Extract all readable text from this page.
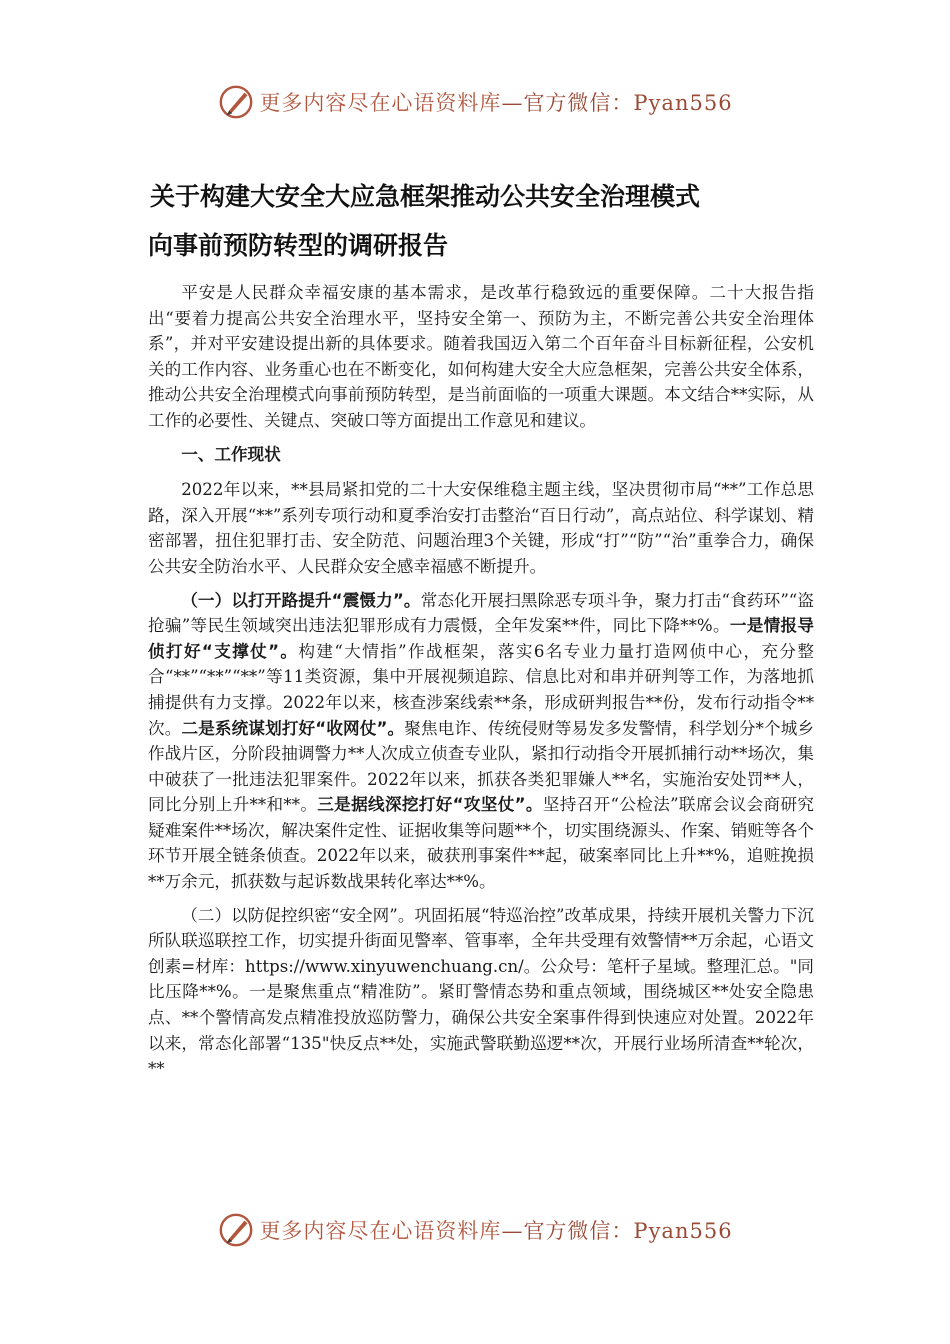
更多内容尽在心语资料库—官方微信：Pyan556
关于构建大安全大应急框架推动公共安全治理模式
向事前预防转型的调研报告

平安是人民群众幸福安康的基本需求，是改革行稳致远的重要保障。二十大报告指出“要着力提高公共安全治理水平，坚持安全第一、预防为主，不断完善公共安全治理体系”，并对平安建设提出新的具体要求。随着我国迈入第二个百年奋斗目标新征程，公安机关的工作内容、业务重心也在不断变化，如何构建大安全大应急框架，完善公共安全体系，推动公共安全治理模式向事前预防转型，是当前面临的一项重大课题。本文结合**实际，从工作的必要性、关键点、突破口等方面提出工作意见和建议。

一、工作现状

2022年以来，**县局紧扣党的二十大安保维稳主题主线，坚决贯彻市局“**”工作总思路，深入开展“**”系列专项行动和夏季治安打击整治“百日行动”，高点站位、科学谋划、精密部署，扭住犯罪打击、安全防范、问题治理3个关键，形成“打”“防”“治”重拳合力，确保公共安全防治水平、人民群众安全感幸福感不断提升。

（一）以打开路提升“震慑力”。常态化开展扫黑除恶专项斗争，聚力打击“食药环”“盗抢骗”等民生领域突出违法犯罪形成有力震慑，全年发案**件，同比下降**%。一是情报导侦打好“支撑仗”。构建“大情指”作战框架，落实6名专业力量打造网侦中心，充分整合“**”“**”“**”等11类资源，集中开展视频追踪、信息比对和串并研判等工作，为落地抓捕提供有力支撑。2022年以来，核查涉案线索**条，形成研判报告**份，发布行动指令**次。二是系统谋划打好“收网仗”。聚焦电诈、传统侵财等易发多发警情，科学划分*个城乡作战片区，分阶段抽调警力**人次成立侦查专业队，紧扣行动指令开展抓捕行动**场次，集中破获了一批违法犯罪案件。2022年以来，抓获各类犯罪嫌人**名，实施治安处罚**人，同比分别上升**和**。三是据线深挖打好“攻坚仗”。坚持召开“公检法”联席会议会商研究疑难案件**场次，解决案件定性、证据收集等问题**个，切实围绕源头、作案、销赃等各个环节开展全链条侦查。2022年以来，破获刑事案件**起，破案率同比上升**%，追赃挽损**万余元，抓获数与起诉数战果转化率达**%。

（二）以防促控织密“安全网”。巩固拓展“特巡治控”改革成果，持续开展机关警力下沉所队联巡联控工作，切实提升街面见警率、管事率，全年共受理有效警情**万余起，心语文创素=材库：https://www.xinyuwenchuang.cn/。公众号：笔杆子星域。整理汇总。"同比压降**%。一是聚焦重点“精准防”。紧盯警情态势和重点领域，围绕城区**处安全隐患点、**个警情高发点精准投放巡防警力，确保公共安全案事件得到快速应对处置。2022年以来，常态化部署“135"快反点**处，实施武警联勤巡逻**次，开展行业场所清查**轮次，**

更多内容尽在心语资料库—官方微信：Pyan556
